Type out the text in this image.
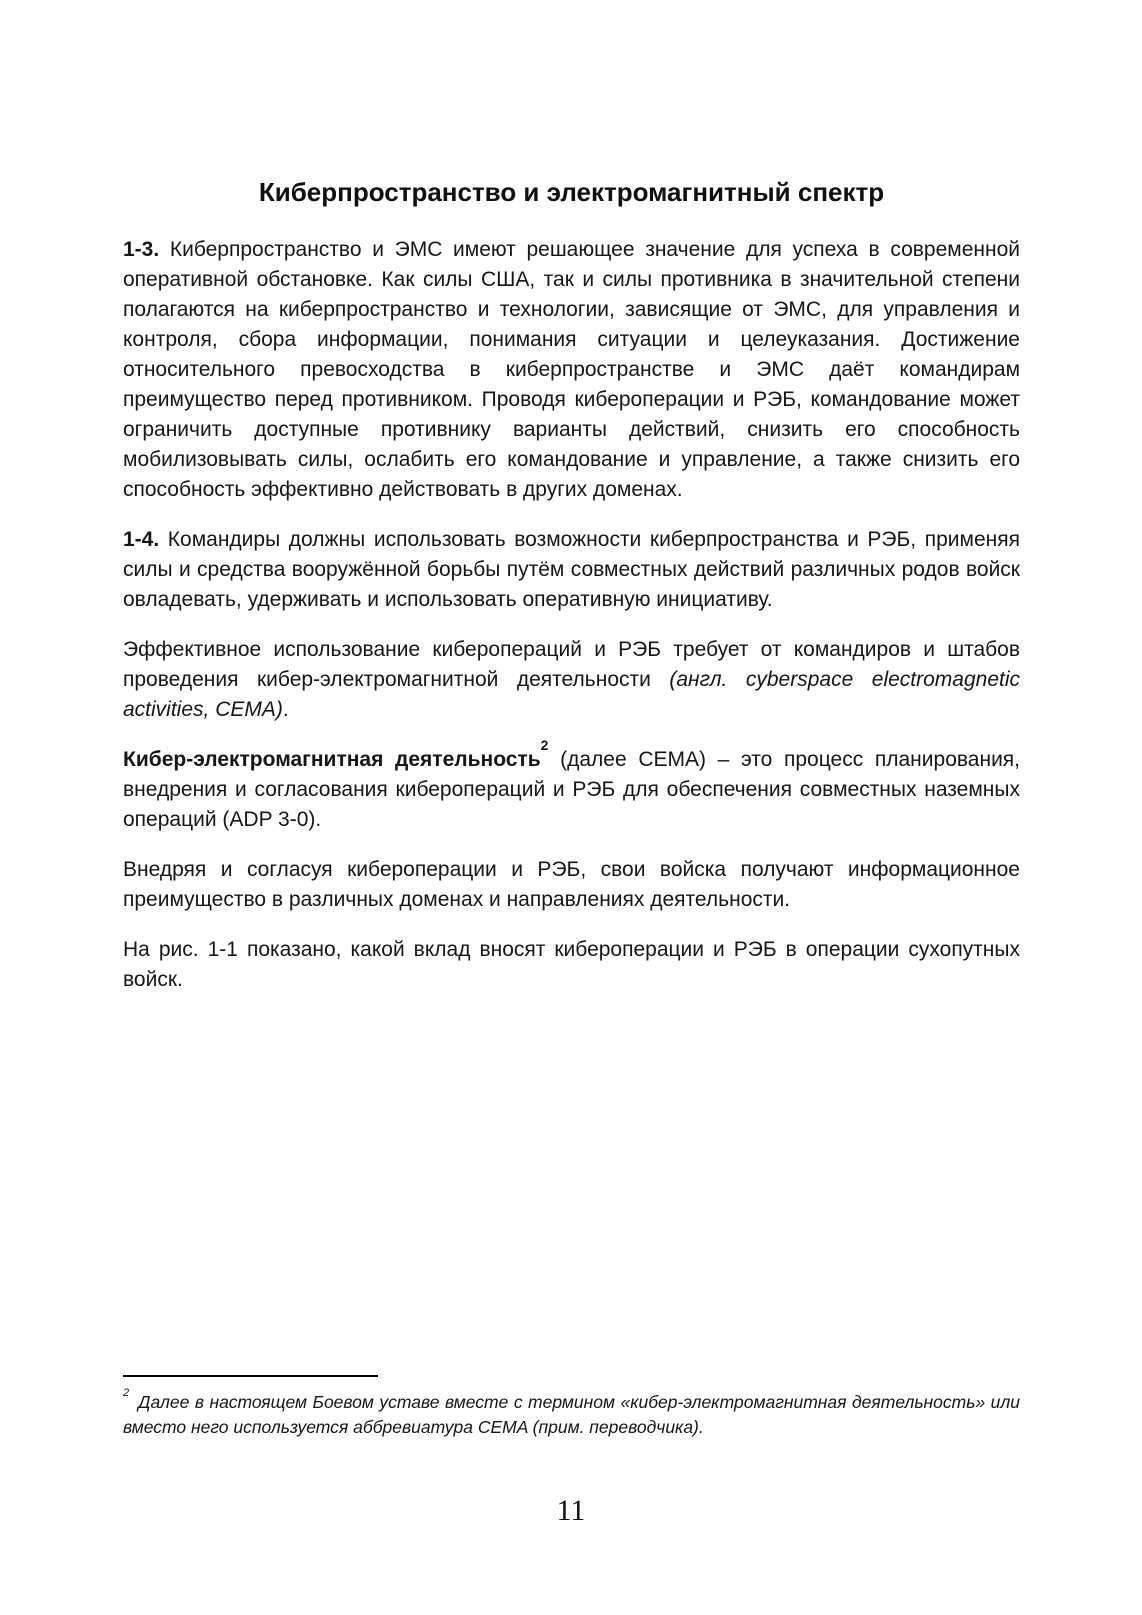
Киберпространство и электромагнитный спектр

1-3. Киберпространство и ЭМС имеют решающее значение для успеха в современной оперативной обстановке. Как силы США, так и силы противника в значительной степени полагаются на киберпространство и технологии, зависящие от ЭМС, для управления и контроля, сбора информации, понимания ситуации и целеуказания. Достижение относительного превосходства в киберпространстве и ЭМС даёт командирам преимущество перед противником. Проводя кибероперации и РЭБ, командование может ограничить доступные противнику варианты действий, снизить его способность мобилизовывать силы, ослабить его командование и управление, а также снизить его способность эффективно действовать в других доменах.

1-4. Командиры должны использовать возможности киберпространства и РЭБ, применяя силы и средства вооружённой борьбы путём совместных действий различных родов войск овладевать, удерживать и использовать оперативную инициативу.

Эффективное использование киберопераций и РЭБ требует от командиров и штабов проведения кибер-электромагнитной деятельности (англ. cyberspace electromagnetic activities, CEMA).

Кибер-электромагнитная деятельность$^2$ (далее CEMA) – это процесс планирования, внедрения и согласования киберопераций и РЭБ для обеспечения совместных наземных операций (ADP 3-0).

Внедряя и согласуя кибероперации и РЭБ, свои войска получают информационное преимущество в различных доменах и направлениях деятельности.

На рис. 1-1 показано, какой вклад вносят кибероперации и РЭБ в операции сухопутных войск.

$^2$ Далее в настоящем Боевом уставе вместе с термином «кибер-электромагнитная деятельность» или вместо него используется аббревиатура CEMA (прим. переводчика).

11
